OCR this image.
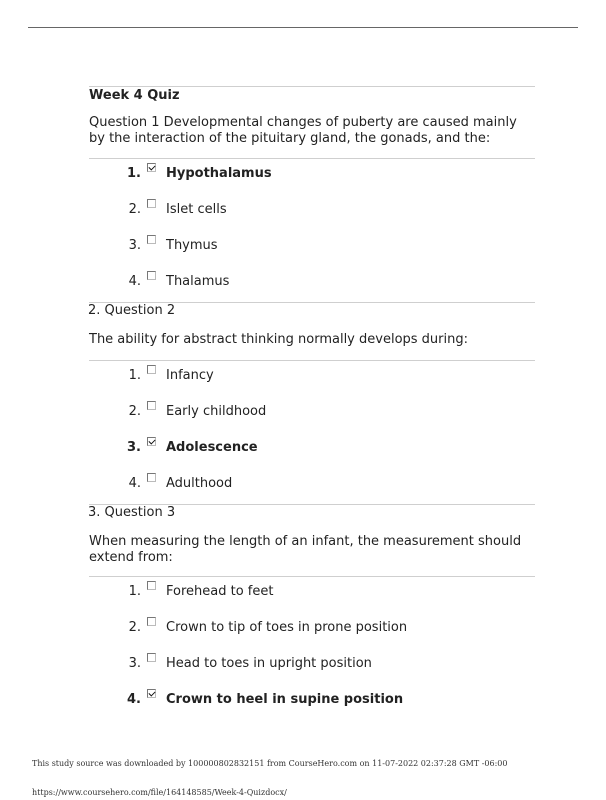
Week 4 Quiz
Question 1 Developmental changes of puberty are caused mainly by the interaction of the pituitary gland, the gonads, and the:
1. Hypothalamus
2. Islet cells
3. Thymus
4. Thalamus
2. Question 2
The ability for abstract thinking normally develops during:
1. Infancy
2. Early childhood
3. Adolescence
4. Adulthood
3. Question 3
When measuring the length of an infant, the measurement should extend from:
1. Forehead to feet
2. Crown to tip of toes in prone position
3. Head to toes in upright position
4. Crown to heel in supine position
This study source was downloaded by 100000802832151 from CourseHero.com on 11-07-2022 02:37:28 GMT -06:00
https://www.coursehero.com/file/164148585/Week-4-Quizdocx/
